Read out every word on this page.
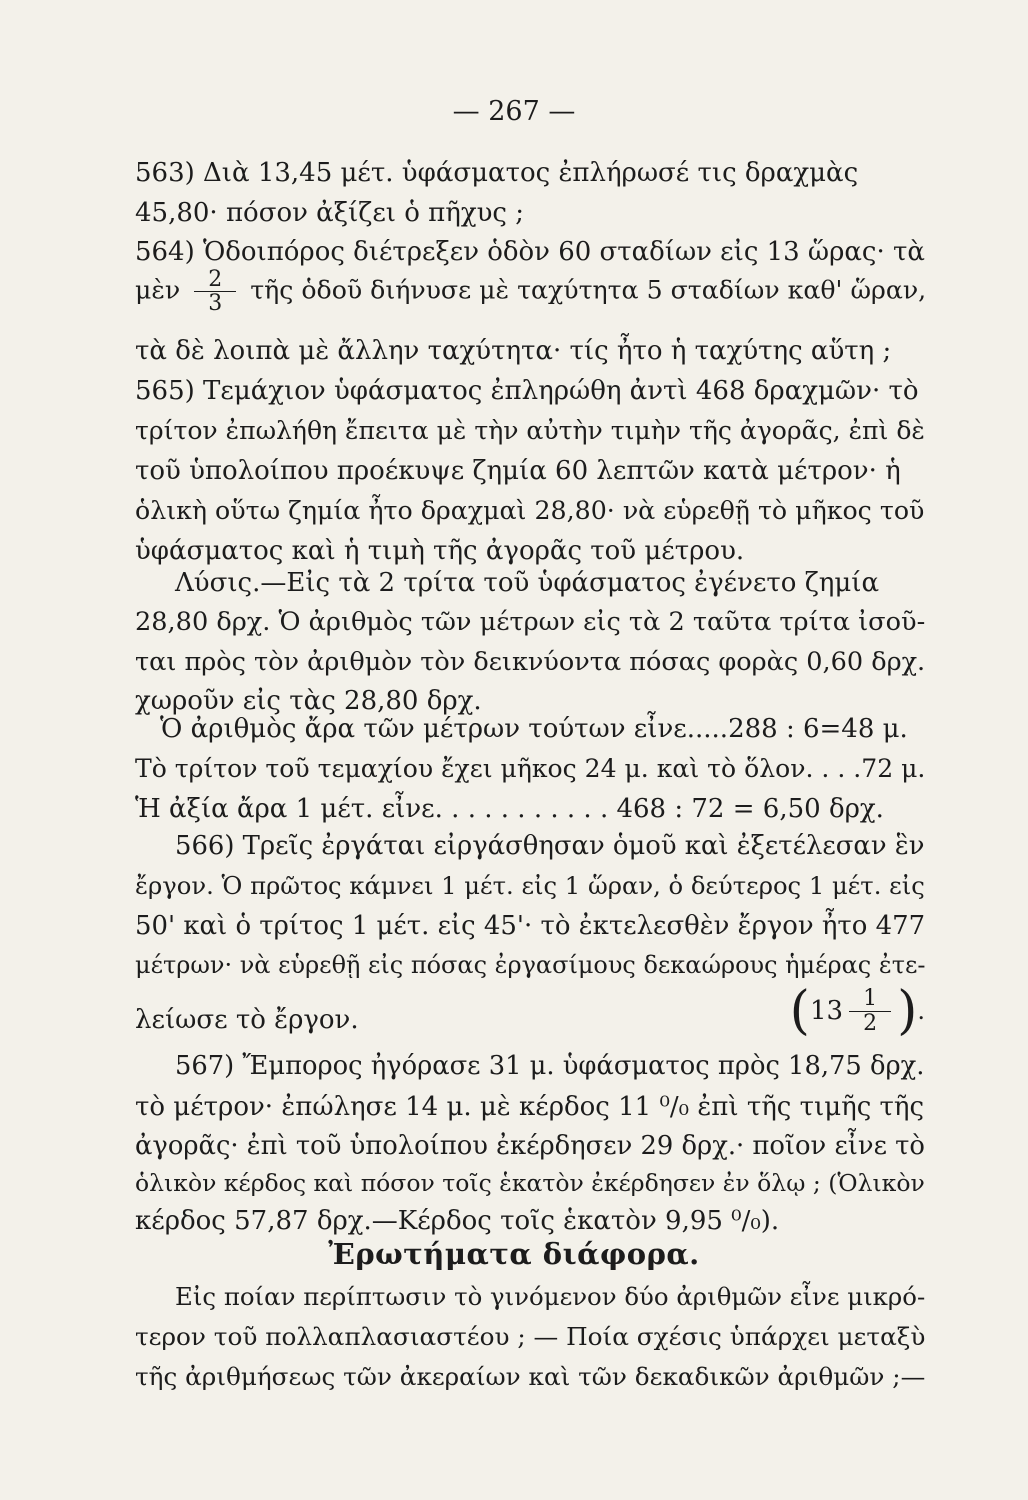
— 267 —
563) Διὰ 13,45 μέτ. ὑφάσματος ἐπλήρωσέ τις δραχμὰς
45,80· πόσον ἀξίζει ὁ πῆχυς ;
564) Ὁδοιπόρος διέτρεξεν ὁδὸν 60 σταδίων εἰς 13 ὥρας· τὰ
μὲν $\frac{2}{3}$ τῆς ὁδοῦ διήνυσε μὲ ταχύτητα 5 σταδίων καθ' ὥραν,
τὰ δὲ λοιπὰ μὲ ἄλλην ταχύτητα· τίς ἦτο ἡ ταχύτης αὕτη ;
565) Τεμάχιον ὑφάσματος ἐπληρώθη ἀντὶ 468 δραχμῶν· τὸ
τρίτον ἐπωλήθη ἔπειτα μὲ τὴν αὐτὴν τιμὴν τῆς ἀγορᾶς, ἐπὶ δὲ
τοῦ ὑπολοίπου προέκυψε ζημία 60 λεπτῶν κατὰ μέτρον· ἡ
ὁλικὴ οὕτω ζημία ἦτο δραχμαὶ 28,80· νὰ εὑρεθῇ τὸ μῆκος τοῦ
ὑφάσματος καὶ ἡ τιμὴ τῆς ἀγορᾶς τοῦ μέτρου.
Λύσις.—Εἰς τὰ 2 τρίτα τοῦ ὑφάσματος ἐγένετο ζημία
28,80 δρχ. Ὁ ἀριθμὸς τῶν μέτρων εἰς τὰ 2 ταῦτα τρίτα ἰσοῦ-
ται πρὸς τὸν ἀριθμὸν τὸν δεικνύοντα πόσας φορὰς 0,60 δρχ.
χωροῦν εἰς τὰς 28,80 δρχ.
Ὁ ἀριθμὸς ἄρα τῶν μέτρων τούτων εἶνε.....288 : 6=48 μ.
Τὸ τρίτον τοῦ τεμαχίου ἔχει μῆκος 24 μ. καὶ τὸ ὅλον. . . .72 μ.
Ἡ ἀξία ἄρα 1 μέτ. εἶνε. . . . . . . . . . . 468 : 72 = 6,50 δρχ.
566) Τρεῖς ἐργάται εἰργάσθησαν ὁμοῦ καὶ ἐξετέλεσαν ἓν
ἔργον. Ὁ πρῶτος κάμνει 1 μέτ. εἰς 1 ὥραν, ὁ δεύτερος 1 μέτ. εἰς
50' καὶ ὁ τρίτος 1 μέτ. εἰς 45'· τὸ ἐκτελεσθὲν ἔργον ἦτο 477
μέτρων· νὰ εὑρεθῇ εἰς πόσας ἐργασίμους δεκαώρους ἡμέρας ἐτε-
λείωσε τὸ ἔργον.	( $13 \frac{1}{2}$ ) .
567) Ἔμπορος ἠγόρασε 31 μ. ὑφάσματος πρὸς 18,75 δρχ.
τὸ μέτρον· ἐπώλησε 14 μ. μὲ κέρδος 11 ⁰/₀ ἐπὶ τῆς τιμῆς τῆς
ἀγορᾶς· ἐπὶ τοῦ ὑπολοίπου ἐκέρδησεν 29 δρχ.· ποῖον εἶνε τὸ
ὁλικὸν κέρδος καὶ πόσον τοῖς ἑκατὸν ἐκέρδησεν ἐν ὅλῳ ; (Ὁλικὸν
κέρδος 57,87 δρχ.—Κέρδος τοῖς ἑκατὸν 9,95 ⁰/₀).
Ἐρωτήματα διάφορα.
Εἰς ποίαν περίπτωσιν τὸ γινόμενον δύο ἀριθμῶν εἶνε μικρό-
τερον τοῦ πολλαπλασιαστέου ; — Ποία σχέσις ὑπάρχει μεταξὺ
τῆς ἀριθμήσεως τῶν ἀκεραίων καὶ τῶν δεκαδικῶν ἀριθμῶν ;—
